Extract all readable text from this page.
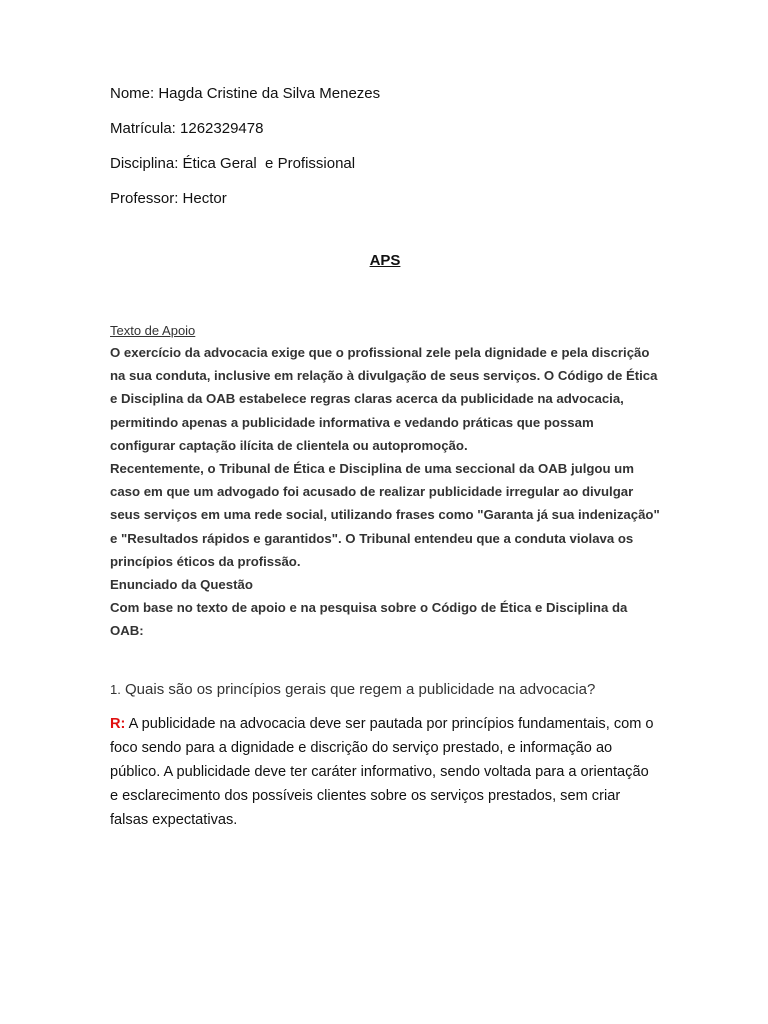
Nome: Hagda Cristine da Silva Menezes

Matrícula: 1262329478

Disciplina: Ética Geral  e Profissional

Professor: Hector

APS

Texto de Apoio

O exercício da advocacia exige que o profissional zele pela dignidade e pela discrição na sua conduta, inclusive em relação à divulgação de seus serviços. O Código de Ética e Disciplina da OAB estabelece regras claras acerca da publicidade na advocacia, permitindo apenas a publicidade informativa e vedando práticas que possam configurar captação ilícita de clientela ou autopromoção.

Recentemente, o Tribunal de Ética e Disciplina de uma seccional da OAB julgou um caso em que um advogado foi acusado de realizar publicidade irregular ao divulgar seus serviços em uma rede social, utilizando frases como "Garanta já sua indenização" e "Resultados rápidos e garantidos". O Tribunal entendeu que a conduta violava os princípios éticos da profissão.

Enunciado da Questão

Com base no texto de apoio e na pesquisa sobre o Código de Ética e Disciplina da OAB:

1. Quais são os princípios gerais que regem a publicidade na advocacia?

R: A publicidade na advocacia deve ser pautada por princípios fundamentais, com o foco sendo para a dignidade e discrição do serviço prestado, e informação ao público. A publicidade deve ter caráter informativo, sendo voltada para a orientação e esclarecimento dos possíveis clientes sobre os serviços prestados, sem criar falsas expectativas.
